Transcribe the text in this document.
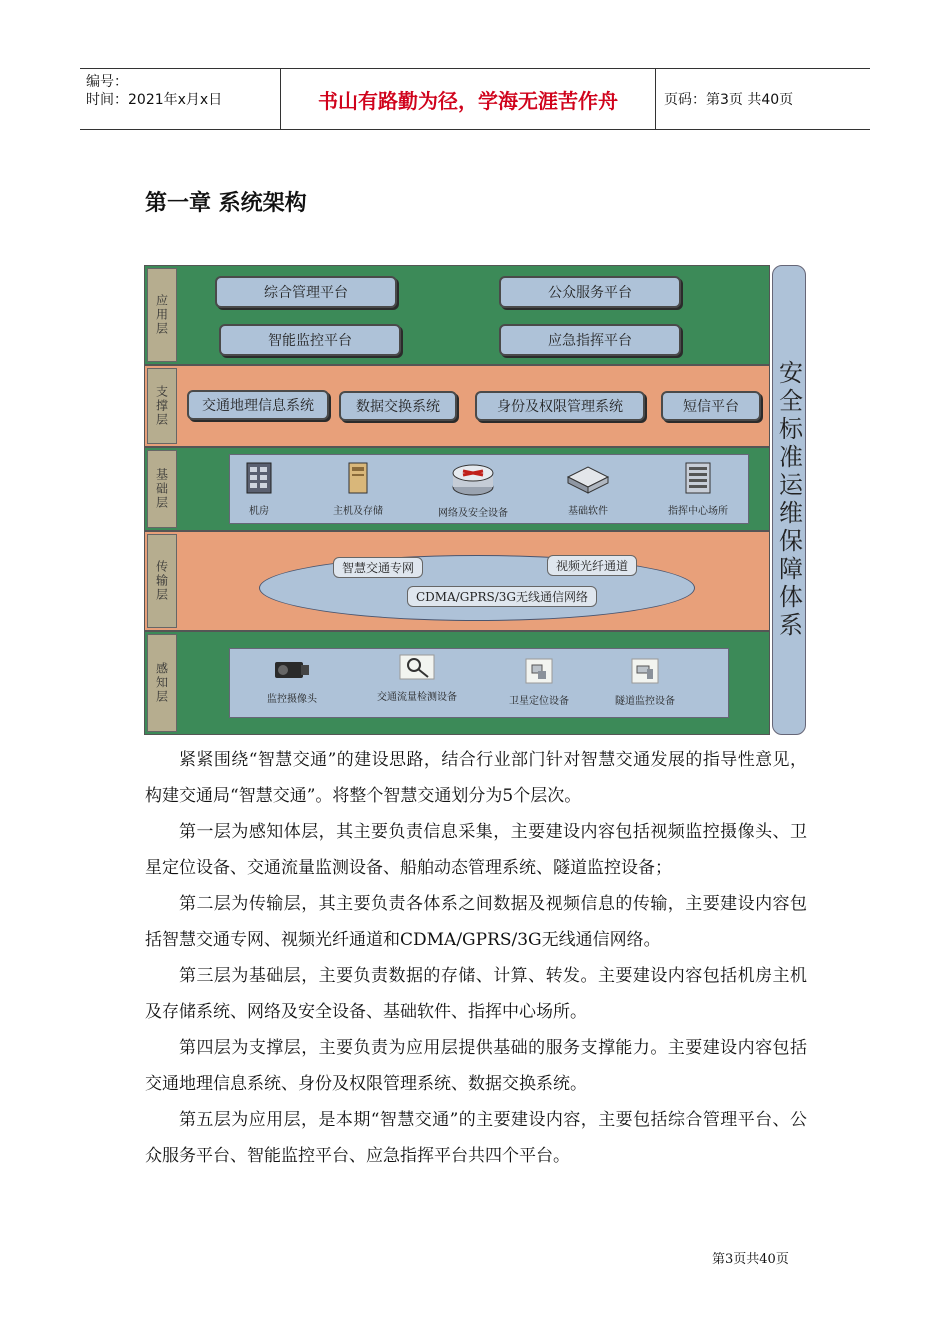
编号：
时间：2021年x月x日	书山有路勤为径，学海无涯苦作舟	页码：第3页 共40页
第一章 系统架构
应用层
综合管理平台	公众服务平台
智能监控平台	应急指挥平台
支撑层	交通地理信息系统	数据交换系统	身份及权限管理系统	短信平台
基础层
机房	主机及存储	网络及安全设备	基础软件	指挥中心场所
传输层	智慧交通专网	视频光纤通道
CDMA/GPRS/3G无线通信网络
感知层	监控摄像头	交通流量检测设备	卫星定位设备	隧道监控设备
安全标准运维保障体系

紧紧围绕“智慧交通”的建设思路，结合行业部门针对智慧交通发展的指导性意见，构建交通局“智慧交通”。将整个智慧交通划分为5个层次。

第一层为感知体层，其主要负责信息采集，主要建设内容包括视频监控摄像头、卫星定位设备、交通流量监测设备、船舶动态管理系统、隧道监控设备；

第二层为传输层，其主要负责各体系之间数据及视频信息的传输，主要建设内容包括智慧交通专网、视频光纤通道和CDMA/GPRS/3G无线通信网络。

第三层为基础层，主要负责数据的存储、计算、转发。主要建设内容包括机房主机及存储系统、网络及安全设备、基础软件、指挥中心场所。

第四层为支撑层，主要负责为应用层提供基础的服务支撑能力。主要建设内容包括交通地理信息系统、身份及权限管理系统、数据交换系统。

第五层为应用层，是本期“智慧交通”的主要建设内容，主要包括综合管理平台、公众服务平台、智能监控平台、应急指挥平台共四个平台。

第3页共40页
